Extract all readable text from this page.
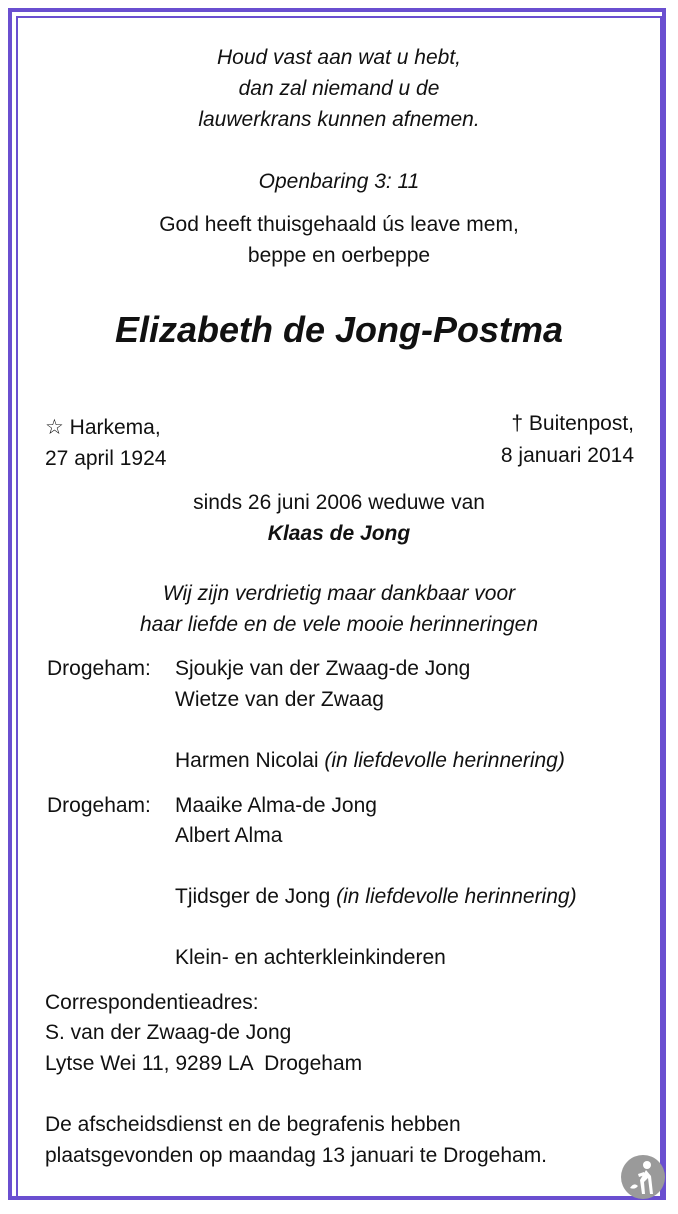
Houd vast aan wat u hebt,
dan zal niemand u de
lauwerkrans kunnen afnemen.
Openbaring 3: 11
God heeft thuisgehaald ús leave mem,
beppe en oerbeppe
Elizabeth de Jong-Postma
☆ Harkema,
27 april 1924
† Buitenpost,
8 januari 2014
sinds 26 juni 2006 weduwe van
Klaas de Jong
Wij zijn verdrietig maar dankbaar voor
haar liefde en de vele mooie herinneringen
Drogeham: Sjoukje van der Zwaag-de Jong
Wietze van der Zwaag
Harmen Nicolai (in liefdevolle herinnering)
Drogeham: Maaike Alma-de Jong
Albert Alma
Tjidsger de Jong (in liefdevolle herinnering)
Klein- en achterkleinkinderen
Correspondentieadres:
S. van der Zwaag-de Jong
Lytse Wei 11, 9289 LA  Drogeham
De afscheidsdienst en de begrafenis hebben
plaatsgevonden op maandag 13 januari te Drogeham.
